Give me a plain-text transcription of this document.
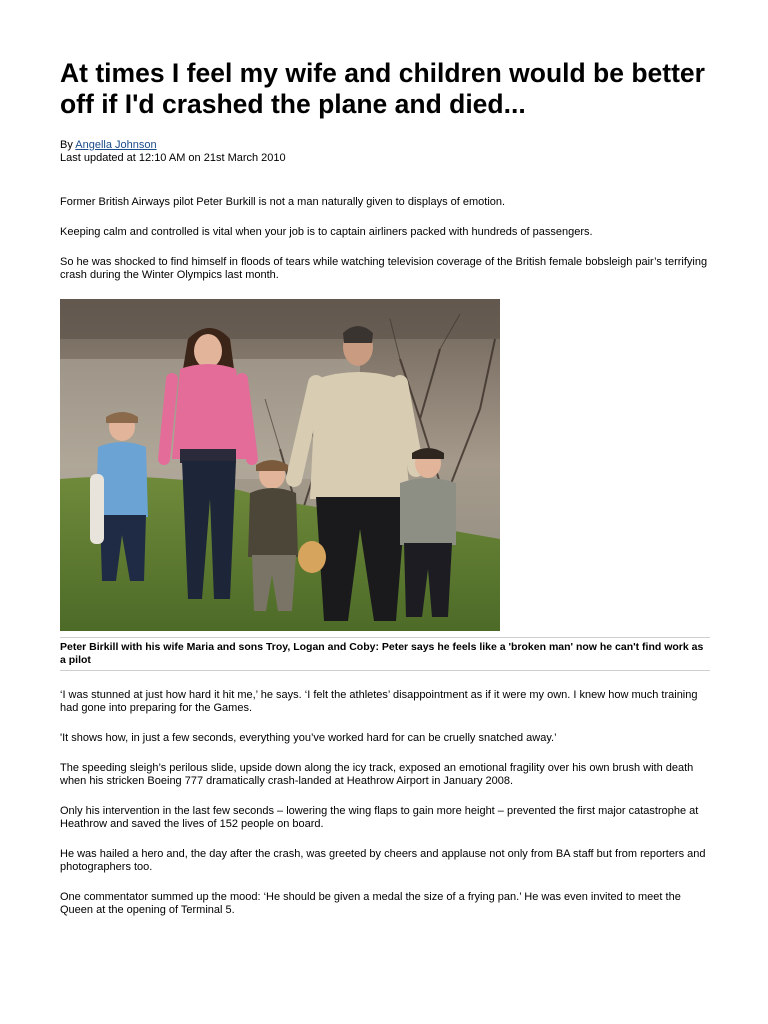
At times I feel my wife and children would be better off if I'd crashed the plane and died...
By Angella Johnson
Last updated at 12:10 AM on 21st March 2010

Former British Airways pilot Peter Burkill is not a man naturally given to displays of emotion.

Keeping calm and controlled is vital when your job is to captain airliners packed with hundreds of passengers.

So he was shocked to find himself in floods of tears while watching television coverage of the British female bobsleigh pair’s terrifying crash during the Winter Olympics last month.

Peter Birkill with his wife Maria and sons Troy, Logan and Coby: Peter says he feels like a 'broken man' now he can't find work as a pilot

‘I was stunned at just how hard it hit me,’ he says. ‘I felt the athletes’ disappointment as if it were my own. I knew how much training had gone into preparing for the Games.

'It shows how, in just a few seconds, everything you’ve worked hard for can be cruelly snatched away.’

The speeding sleigh’s perilous slide, upside down along the icy track, exposed an emotional fragility over his own brush with death when his stricken Boeing 777 dramatically crash-landed at Heathrow Airport in January 2008.

Only his intervention in the last few seconds – lowering the wing flaps to gain more height – prevented the first major catastrophe at Heathrow and saved the lives of 152 people on board.

He was hailed a hero and, the day after the crash, was greeted by cheers and applause not only from BA staff but from reporters and photographers too.

One commentator summed up the mood: ‘He should be given a medal the size of a frying pan.’ He was even invited to meet the Queen at the opening of Terminal 5.
